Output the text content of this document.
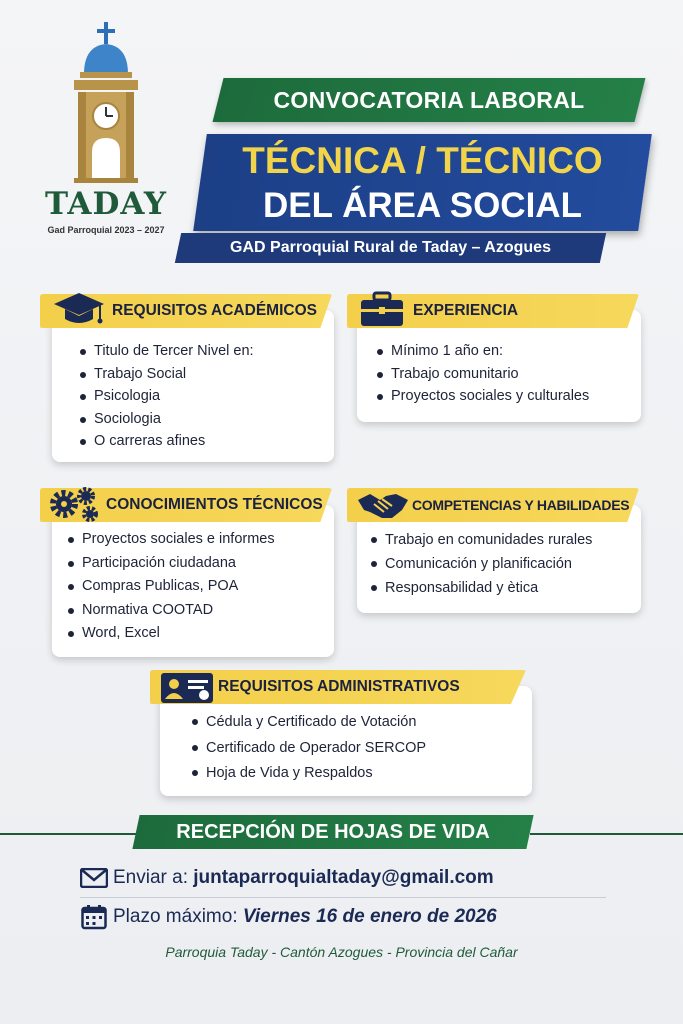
TADAY
Gad Parroquial 2023 – 2027
CONVOCATORIA LABORAL
TÉCNICA / TÉCNICO
DEL ÁREA SOCIAL
GAD Parroquial Rural de Taday – Azogues
Titulo de Tercer Nivel en:
Trabajo Social
Psicologia
Sociologia
O carreras afines
REQUISITOS ACADÉMICOS
Mínimo 1 año en:
Trabajo comunitario
Proyectos sociales y culturales
EXPERIENCIA
Proyectos sociales e informes
Participación ciudadana
Compras Publicas, POA
Normativa COOTAD
Word, Excel
CONOCIMIENTOS TÉCNICOS
Trabajo en comunidades rurales
Comunicación y planificación
Responsabilidad y ètica
COMPETENCIAS Y HABILIDADES
Cédula y Certificado de Votación
Certificado de Operador SERCOP
Hoja de Vida y Respaldos
REQUISITOS ADMINISTRATIVOS
RECEPCIÓN DE HOJAS DE VIDA
Enviar a: juntaparroquialtaday@gmail.com
Plazo máximo: Viernes 16 de enero de 2026
Parroquia Taday - Cantón Azogues - Provincia del Cañar
